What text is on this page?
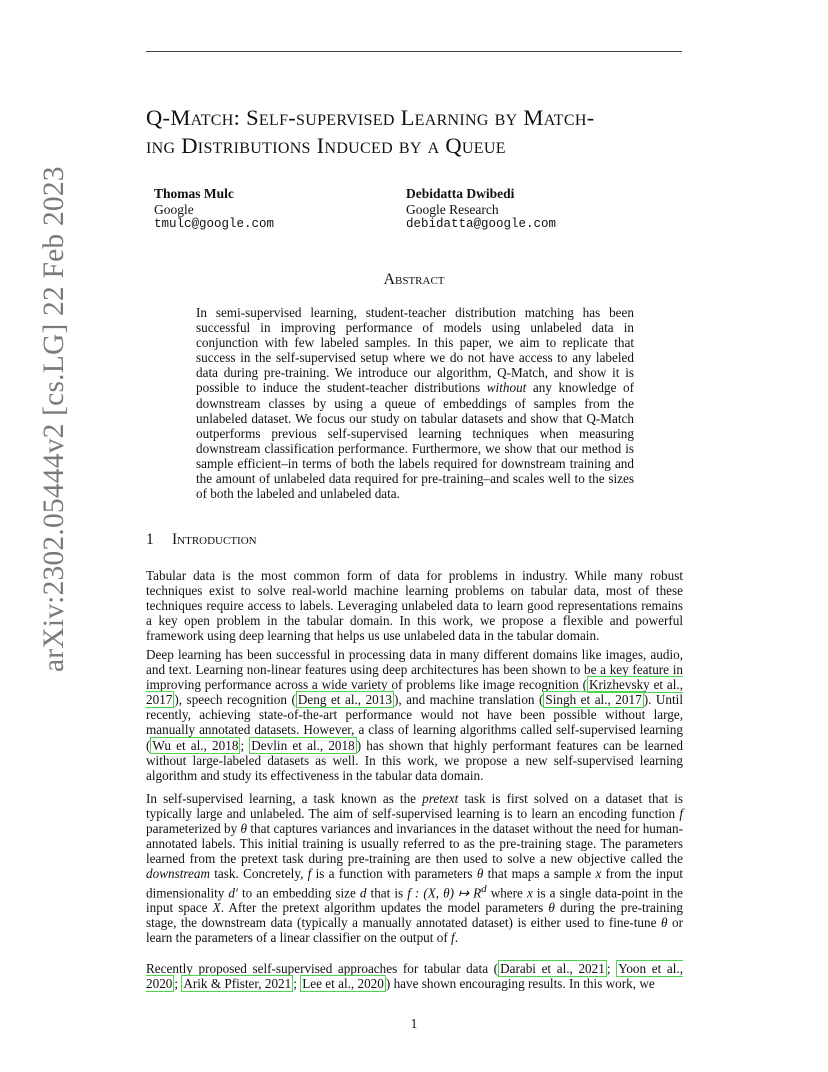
arXiv:2302.05444v2 [cs.LG] 22 Feb 2023
Q-Match: Self-supervised Learning by Match-
ing Distributions Induced by a Queue
Thomas Mulc
Google
tmulc@google.com
Debidatta Dwibedi
Google Research
debidatta@google.com
Abstract
In semi-supervised learning, student-teacher distribution matching has been successful in improving performance of models using unlabeled data in conjunction with few labeled samples. In this paper, we aim to replicate that success in the self-supervised setup where we do not have access to any labeled data during pre-training. We introduce our algorithm, Q-Match, and show it is possible to induce the student-teacher distributions without any knowledge of downstream classes by using a queue of embeddings of samples from the unlabeled dataset. We focus our study on tabular datasets and show that Q-Match outperforms previous self-supervised learning techniques when measuring downstream classification performance. Furthermore, we show that our method is sample efficient–in terms of both the labels required for downstream training and the amount of unlabeled data required for pre-training–and scales well to the sizes of both the labeled and unlabeled data.
1 Introduction

Tabular data is the most common form of data for problems in industry. While many robust techniques exist to solve real-world machine learning problems on tabular data, most of these techniques require access to labels. Leveraging unlabeled data to learn good representations remains a key open problem in the tabular domain. In this work, we propose a flexible and powerful framework using deep learning that helps us use unlabeled data in the tabular domain.

Deep learning has been successful in processing data in many different domains like images, audio, and text. Learning non-linear features using deep architectures has been shown to be a key feature in improving performance across a wide variety of problems like image recognition ( Krizhevsky et al., 2017 ), speech recognition ( Deng et al., 2013 ), and machine translation ( Singh et al., 2017 ). Until recently, achieving state-of-the-art performance would not have been possible without large, manually annotated datasets. However, a class of learning algorithms called self-supervised learning ( Wu et al., 2018 ; Devlin et al., 2018 ) has shown that highly performant features can be learned without large-labeled datasets as well. In this work, we propose a new self-supervised learning algorithm and study its effectiveness in the tabular data domain.

In self-supervised learning, a task known as the pretext task is first solved on a dataset that is typically large and unlabeled. The aim of self-supervised learning is to learn an encoding function f parameterized by θ that captures variances and invariances in the dataset without the need for human-annotated labels. This initial training is usually referred to as the pre-training stage. The parameters learned from the pretext task during pre-training are then used to solve a new objective called the downstream task. Concretely, f is a function with parameters θ that maps a sample x from the input dimensionality d′ to an embedding size d that is f : (X, θ) ↦ $R^d$ where x is a single data-point in the input space X. After the pretext algorithm updates the model parameters θ during the pre-training stage, the downstream data (typically a manually annotated dataset) is either used to fine-tune θ or learn the parameters of a linear classifier on the output of f.

Recently proposed self-supervised approaches for tabular data ( Darabi et al., 2021 ; Yoon et al., 2020 ; Arik & Pfister, 2021 ; Lee et al., 2020 ) have shown encouraging results. In this work, we

1
